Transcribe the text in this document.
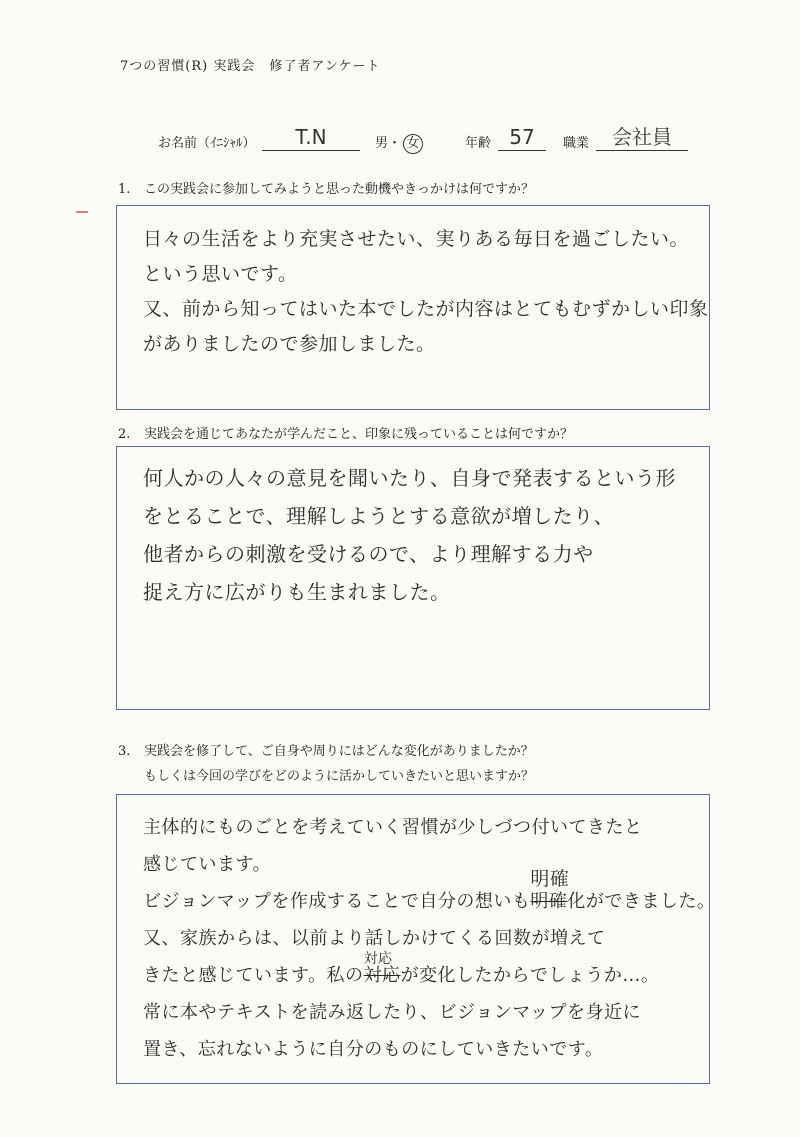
7つの習慣(R) 実践会　修了者アンケート
お名前（ｲﾆｼｬﾙ）	T.N	男・ 女	年齢 57	職業	会社員
1. この実践会に参加してみようと思った動機やきっかけは何ですか？
日々の生活をより充実させたい、実りある毎日を過ごしたい。
という思いです。
又、前から知ってはいた本でしたが内容はとてもむずかしい印象
がありましたので参加しました。
2. 実践会を通じてあなたが学んだこと、印象に残っていることは何ですか？
何人かの人々の意見を聞いたり、自身で発表するという形
をとることで、理解しようとする意欲が増したり、
他者からの刺激を受けるので、より理解する力や
捉え方に広がりも生まれました。
3. 実践会を修了して、ご自身や周りにはどんな変化がありましたか？
もしくは今回の学びをどのように活かしていきたいと思いますか？
主体的にものごとを考えていく習慣が少しづつ付いてきたと
感じています。
ビジョンマップを作成することで自分の想いも
明確
明確化ができました。
又、家族からは、以前より話しかけてくる回数が増えて
きたと感じています。私の
対応
対応が変化したからでしょうか…。
常に本やテキストを読み返したり、ビジョンマップを身近に
置き、忘れないように自分のものにしていきたいです。
